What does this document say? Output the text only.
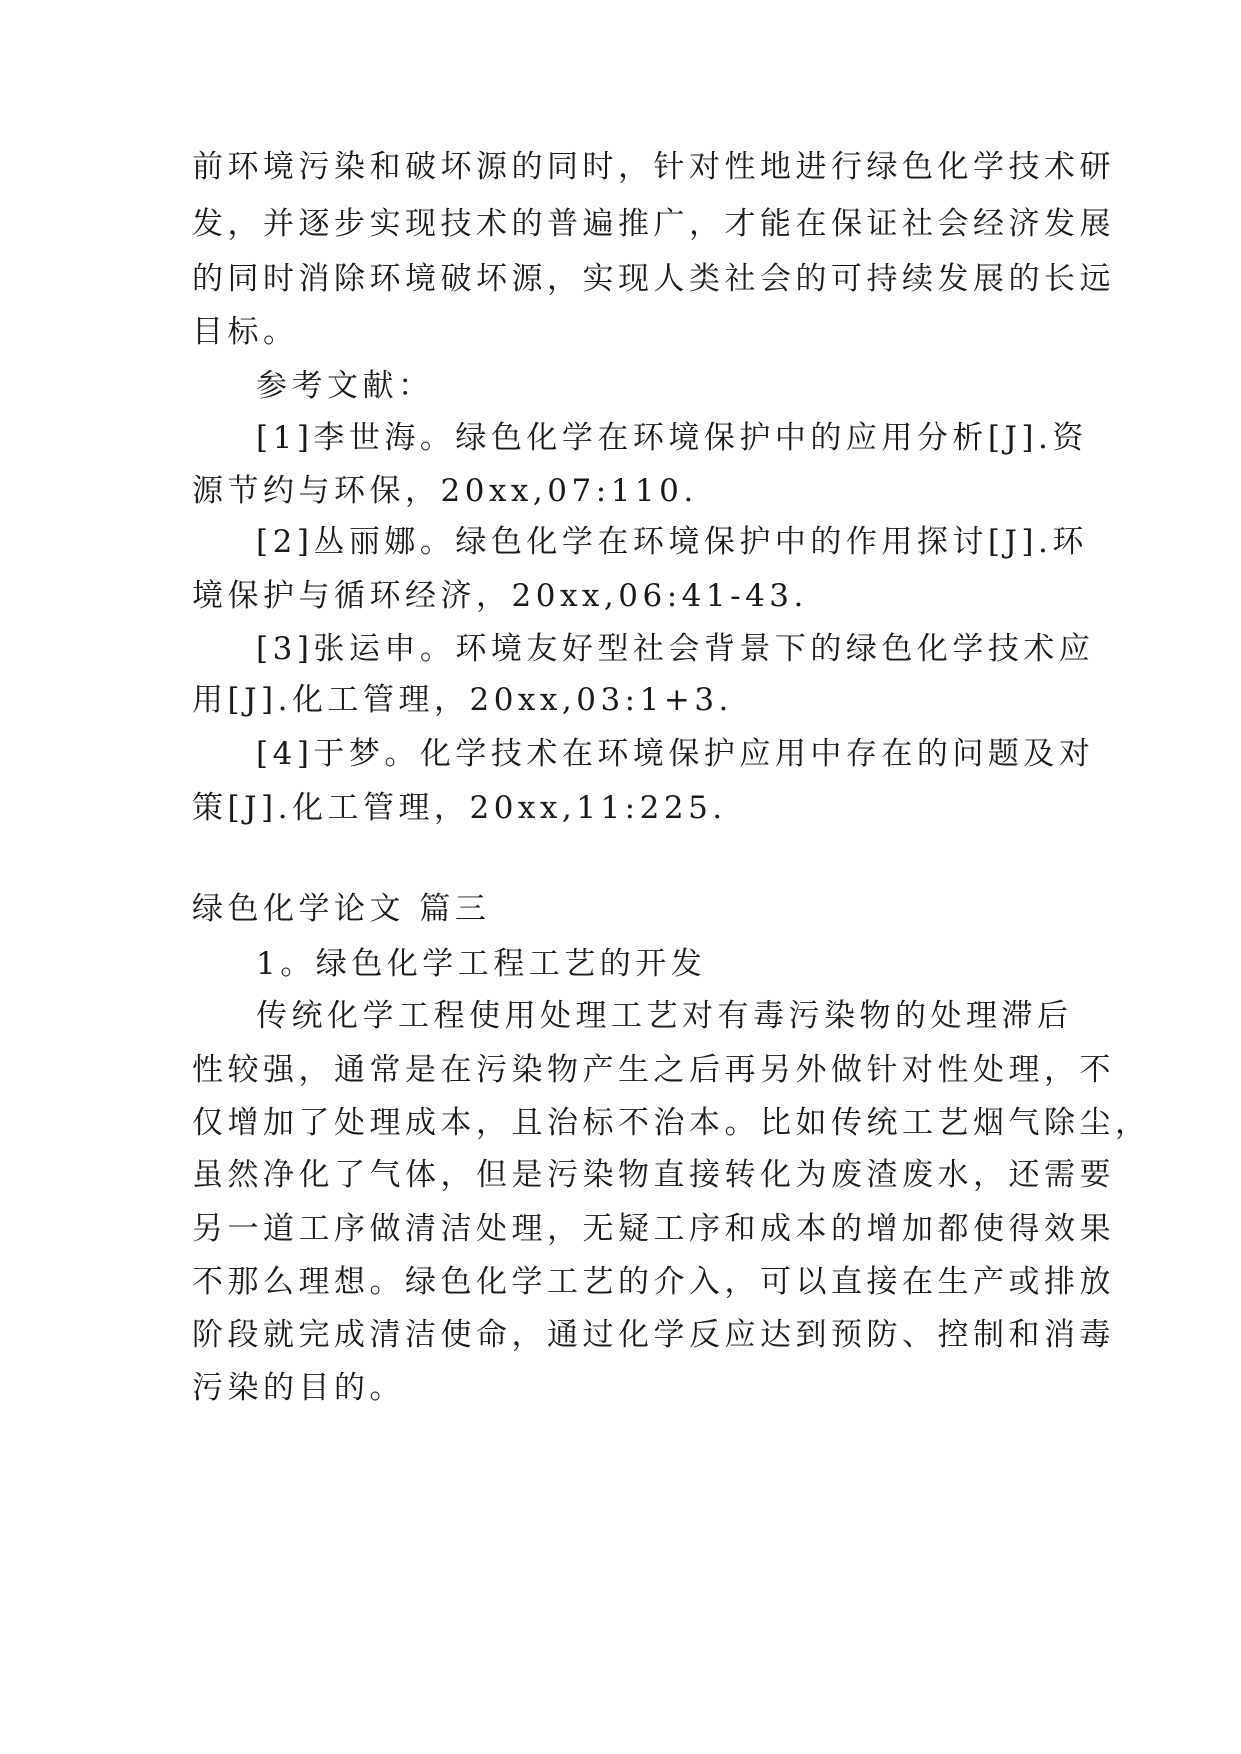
前环境污染和破坏源的同时，针对性地进行绿色化学技术研
发，并逐步实现技术的普遍推广，才能在保证社会经济发展
的同时消除环境破坏源，实现人类社会的可持续发展的长远
目标。
参考文献：
[1]李世海。绿色化学在环境保护中的应用分析[J].资
源节约与环保，20xx,07:110.
[2]丛丽娜。绿色化学在环境保护中的作用探讨[J].环
境保护与循环经济，20xx,06:41-43.
[3]张运申。环境友好型社会背景下的绿色化学技术应
用[J].化工管理，20xx,03:1+3.
[4]于梦。化学技术在环境保护应用中存在的问题及对
策[J].化工管理，20xx,11:225.
绿色化学论文 篇三
1。绿色化学工程工艺的开发
传统化学工程使用处理工艺对有毒污染物的处理滞后
性较强，通常是在污染物产生之后再另外做针对性处理，不
仅增加了处理成本，且治标不治本。比如传统工艺烟气除尘，
虽然净化了气体，但是污染物直接转化为废渣废水，还需要
另一道工序做清洁处理，无疑工序和成本的增加都使得效果
不那么理想。绿色化学工艺的介入，可以直接在生产或排放
阶段就完成清洁使命，通过化学反应达到预防、控制和消毒
污染的目的。
